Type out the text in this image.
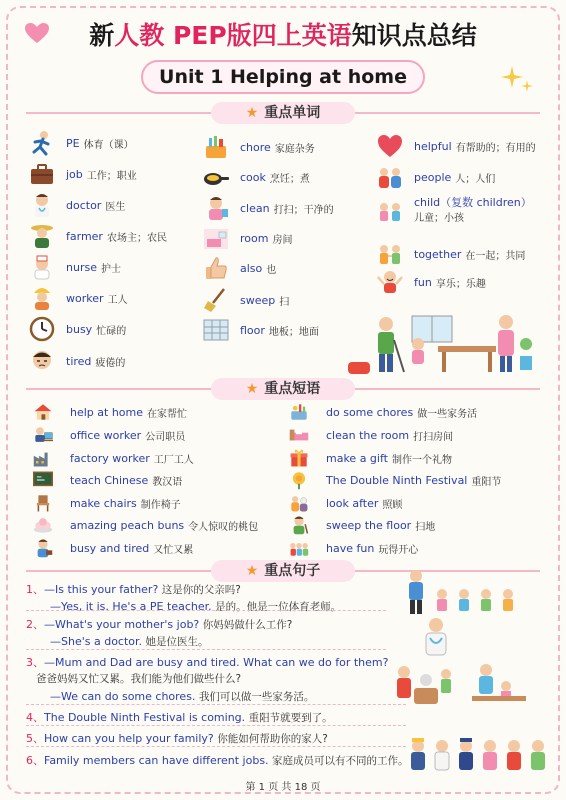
新人教 PEP版四上英语知识点总结
Unit 1 Helping at home
★ 重点单词
PE 体育（课）
job 工作；职业
doctor 医生
farmer 农场主；农民
nurse 护士
worker 工人
busy 忙碌的
tired 疲倦的
chore 家庭杂务
cook 烹饪；煮
clean 打扫；干净的
room 房间
also 也
sweep 扫
floor 地板；地面
helpful 有帮助的；有用的
people 人；人们
child（复数 children）
儿童；小孩
together 在一起；共同
fun 享乐；乐趣
★ 重点短语
help at home 在家帮忙
office worker 公司职员
factory worker 工厂工人
teach Chinese 教汉语
make chairs 制作椅子
amazing peach buns 令人惊叹的桃包
busy and tired 又忙又累
do some chores 做一些家务活
clean the room 打扫房间
make a gift 制作一个礼物
The Double Ninth Festival 重阳节
look after 照顾
sweep the floor 扫地
have fun 玩得开心
★ 重点句子
1、—Is this your father? 这是你的父亲吗?
—Yes, it is. He's a PE teacher. 是的。他是一位体育老师。
2、—What's your mother's job? 你妈妈做什么工作?
—She's a doctor. 她是位医生。
3、—Mum and Dad are busy and tired. What can we do for them?
爸爸妈妈又忙又累。我们能为他们做些什么?
—We can do some chores. 我们可以做一些家务活。
4、The Double Ninth Festival is coming. 重阳节就要到了。
5、How can you help your family? 你能如何帮助你的家人?
6、Family members can have different jobs. 家庭成员可以有不同的工作。
第 1 页 共 18 页
